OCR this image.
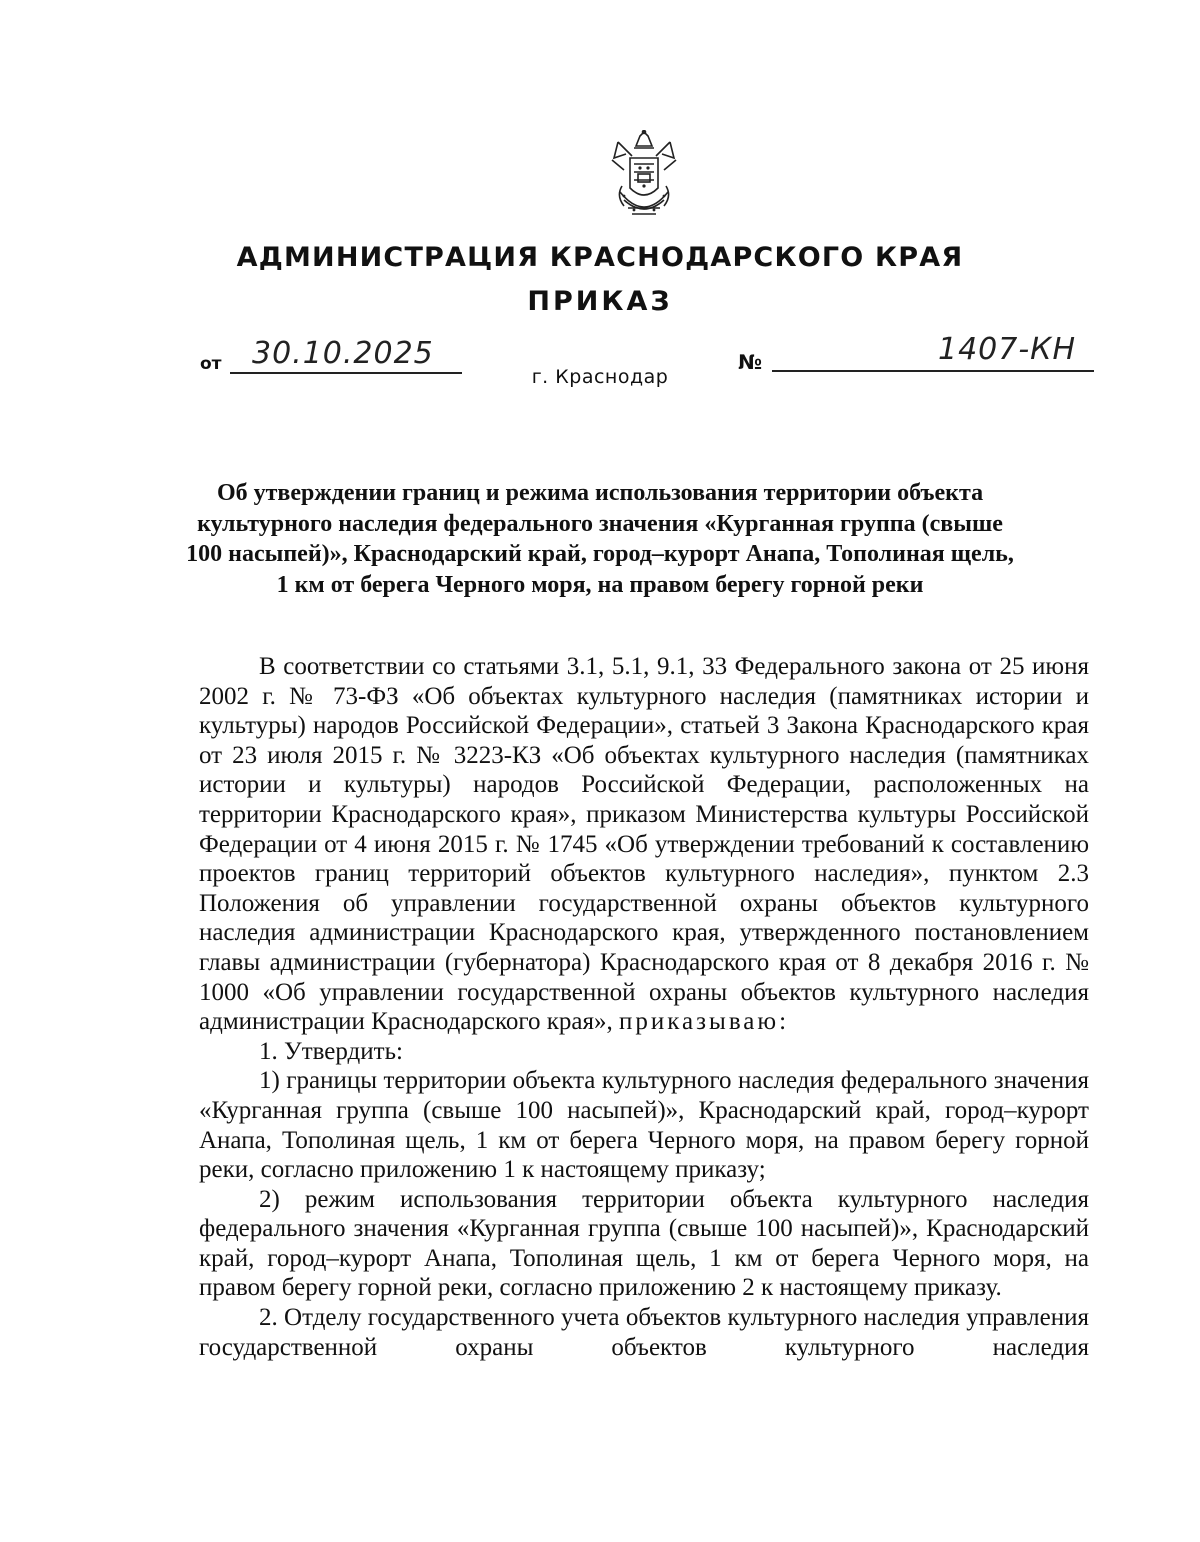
АДМИНИСТРАЦИЯ КРАСНОДАРСКОГО КРАЯ
ПРИКАЗ
от 30.10.2025	№	1407-КН
г. Краснодар
Об утверждении границ и режима использования территории объекта культурного наследия федерального значения «Курганная группа (свыше 100 насыпей)», Краснодарский край, город–курорт Анапа, Тополиная щель, 1 км от берега Черного моря, на правом берегу горной реки

В соответствии со статьями 3.1, 5.1, 9.1, 33 Федерального закона от 25 июня 2002 г. № 73-ФЗ «Об объектах культурного наследия (памятниках истории и культуры) народов Российской Федерации», статьей 3 Закона Краснодарского края от 23 июля 2015 г. № 3223-КЗ «Об объектах культурного наследия (памятниках истории и культуры) народов Российской Федерации, расположенных на территории Краснодарского края», приказом Министерства культуры Российской Федерации от 4 июня 2015 г. № 1745 «Об утверждении требований к составлению проектов границ территорий объектов культурного наследия», пунктом 2.3 Положения об управлении государственной охраны объектов культурного наследия администрации Краснодарского края, утвержденного постановлением главы администрации (губернатора) Краснодарского края от 8 декабря 2016 г. № 1000 «Об управлении государственной охраны объектов культурного наследия администрации Краснодарского края», приказываю:

1. Утвердить:

1) границы территории объекта культурного наследия федерального значения «Курганная группа (свыше 100 насыпей)», Краснодарский край, город–курорт Анапа, Тополиная щель, 1 км от берега Черного моря, на правом берегу горной реки, согласно приложению 1 к настоящему приказу;

2) режим использования территории объекта культурного наследия федерального значения «Курганная группа (свыше 100 насыпей)», Краснодарский край, город–курорт Анапа, Тополиная щель, 1 км от берега Черного моря, на правом берегу горной реки, согласно приложению 2 к настоящему приказу.

2. Отделу государственного учета объектов культурного наследия управления государственной охраны объектов культурного наследия
